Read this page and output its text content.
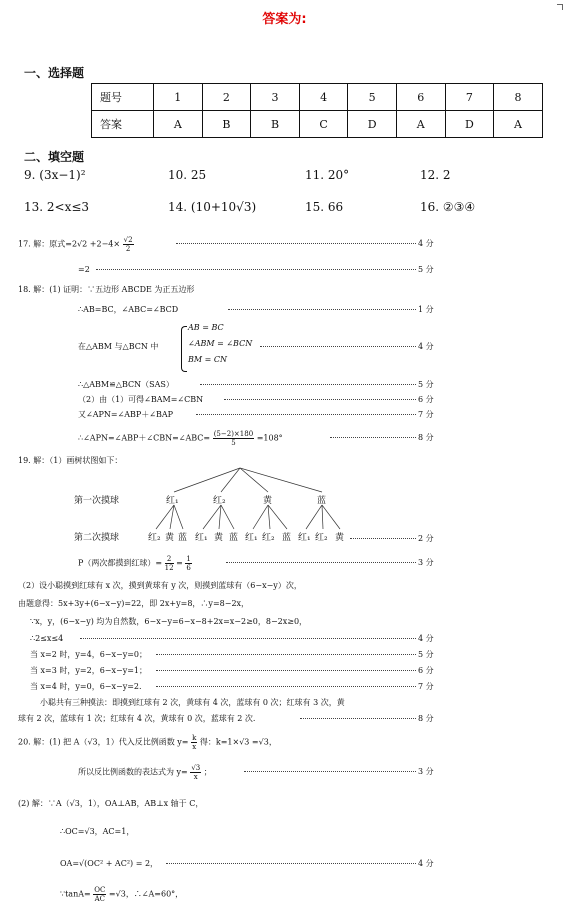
答案为:
一、选择题
题号	1	2	3	4	5	6	7	8
答案	A	B	B	C	D	A	D	A
二、填空题
9. (3x−1)²	10. 25	11. 20°	12. 2
13. 2<x≤3	14. (10+10√3)	15. 66	16. ②③④
17. 解：原式$=2√2 +2-4\times \frac{√2}{2}$	4 分
=2	5 分
18. 解：(1) 证明：∵五边形 ABCDE 为正五边形
∴AB=BC，∠ABC=∠BCD	1 分
在△ABM 与△BCN 中	4 分
AB = BC
∠ABM = ∠BCN
BM = CN
∴△ABM≌△BCN（SAS）	5 分
（2）由（1）可得∠BAM=∠CBN	6 分
又∠APN=∠ABP＋∠BAP	7 分
∴∠APN=∠ABP＋∠CBN=∠ABC= $\frac{(5-2)\times 180}{5} =108^\circ$	8 分
19. 解：（1）画树状图如下：
第一次摸球	红₁	红₂	黄	蓝
第二次摸球	红₂ 黄 蓝 红₁ 黄 蓝 红₁ 红₂ 蓝 红₁ 红₂ 黄	2 分
P（两次都摸到红球）= $\frac{2}{12} = \frac{1}{6}$	3 分
（2）设小聪摸到红球有 x 次，摸到黄球有 y 次，则摸到蓝球有（6−x−y）次，
由题意得：5x+3y+(6−x−y)=22，即 2x+y=8，∴y=8−2x，
∵x，y，(6−x−y) 均为自然数，6−x−y=6−x−8+2x=x−2≥0，8−2x≥0，
∴2≤x≤4	4 分
当 x=2 时，y=4，6−x−y=0；	5 分
当 x=3 时，y=2，6−x−y=1；	6 分
当 x=4 时，y=0，6−x−y=2.	7 分
小聪共有三种摸法：即摸到红球有 2 次，黄球有 4 次，蓝球有 0 次；红球有 3 次，黄
球有 2 次，蓝球有 1 次；红球有 4 次，黄球有 0 次，蓝球有 2 次.	8 分
20. 解：(1) 把 A（√3，1）代入反比例函数 $y= \frac{k}{x}$ 得：k=1×√3 =√3，
所以反比例函数的表达式为 $y= \frac{√3}{x}$ ；	3 分
(2) 解：∵A（√3，1），OA⊥AB，AB⊥x 轴于 C，
∴OC=√3，AC=1，
OA=√(OC² + AC²) = 2，	4 分
∵tanA= $\frac{OC}{AC} =√3$，∴∠A=60°，
